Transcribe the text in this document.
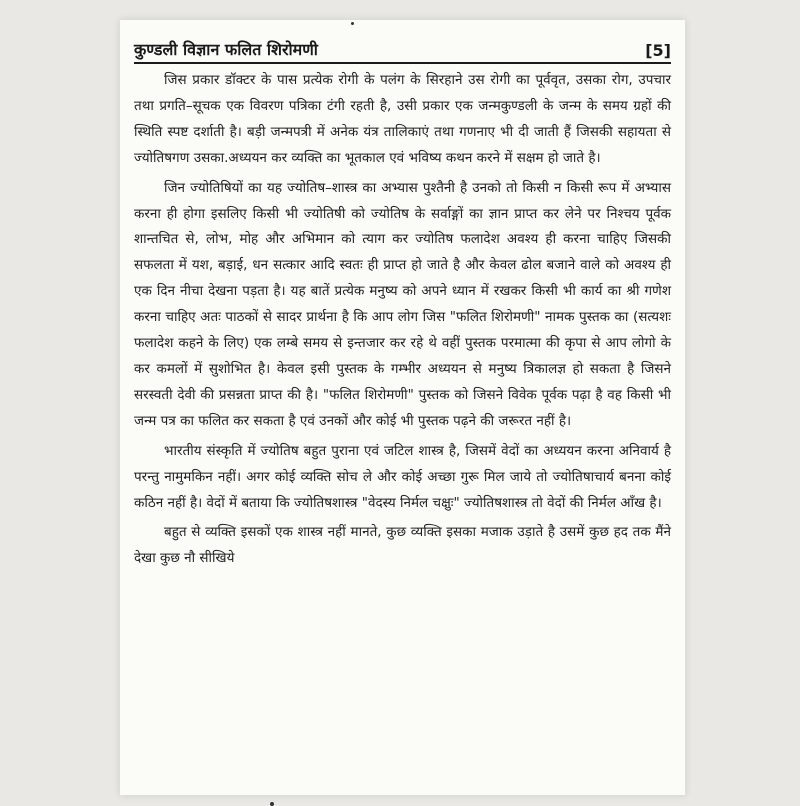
कुण्डली विज्ञान फलित शिरोमणी	[5]

जिस प्रकार डॉक्टर के पास प्रत्येक रोगी के पलंग के सिरहाने उस रोगी का पूर्ववृत, उसका रोग, उपचार तथा प्रगति–सूचक एक विवरण पत्रिका टंगी रहती है, उसी प्रकार एक जन्मकुण्डली के जन्म के समय ग्रहों की स्थिति स्पष्ट दर्शाती है। बड़ी जन्मपत्री में अनेक यंत्र तालिकाएं तथा गणनाए भी दी जाती हैं जिसकी सहायता से ज्योतिषगण उसका.अध्ययन कर व्यक्ति का भूतकाल एवं भविष्य कथन करने में सक्षम हो जाते है।

जिन ज्योतिषियों का यह ज्योतिष–शास्त्र का अभ्यास पुश्तैनी है उनको तो किसी न किसी रूप में अभ्यास करना ही होगा इसलिए किसी भी ज्योतिषी को ज्योतिष के सर्वाङ्गों का ज्ञान प्राप्त कर लेने पर निश्चय पूर्वक शान्तचित से, लोभ, मोह और अभिमान को त्याग कर ज्योतिष फलादेश अवश्य ही करना चाहिए जिसकी सफलता में यश, बड़ाई, धन सत्कार आदि स्वतः ही प्राप्त हो जाते है और केवल ढोल बजाने वाले को अवश्य ही एक दिन नीचा देखना पड़ता है। यह बातें प्रत्येक मनुष्य को अपने ध्यान में रखकर किसी भी कार्य का श्री गणेश करना चाहिए अतः पाठकों से सादर प्रार्थना है कि आप लोग जिस "फलित शिरोमणी" नामक पुस्तक का (सत्यशः फलादेश कहने के लिए) एक लम्बे समय से इन्तजार कर रहे थे वहीं पुस्तक परमात्मा की कृपा से आप लोगो के कर कमलों में सुशोभित है। केवल इसी पुस्तक के गम्भीर अध्ययन से मनुष्य त्रिकालज्ञ हो सकता है जिसने सरस्वती देवी की प्रसन्नता प्राप्त की है। "फलित शिरोमणी" पुस्तक को जिसने विवेक पूर्वक पढ़ा है वह किसी भी जन्म पत्र का फलित कर सकता है एवं उनकों और कोई भी पुस्तक पढ़ने की जरूरत नहीं है।

भारतीय संस्कृति में ज्योतिष बहुत पुराना एवं जटिल शास्त्र है, जिसमें वेदों का अध्ययन करना अनिवार्य है परन्तु नामुमकिन नहीं। अगर कोई व्यक्ति सोच ले और कोई अच्छा गुरू मिल जाये तो ज्योतिषाचार्य बनना कोई कठिन नहीं है। वेदों में बताया कि ज्योतिषशास्त्र "वेदस्य निर्मल चक्षुः" ज्योतिषशास्त्र तो वेदों की निर्मल आँख है।

बहुत से व्यक्ति इसकों एक शास्त्र नहीं मानते, कुछ व्यक्ति इसका मजाक उड़ाते है उसमें कुछ हद तक मैंने देखा कुछ नौ सीखिये
